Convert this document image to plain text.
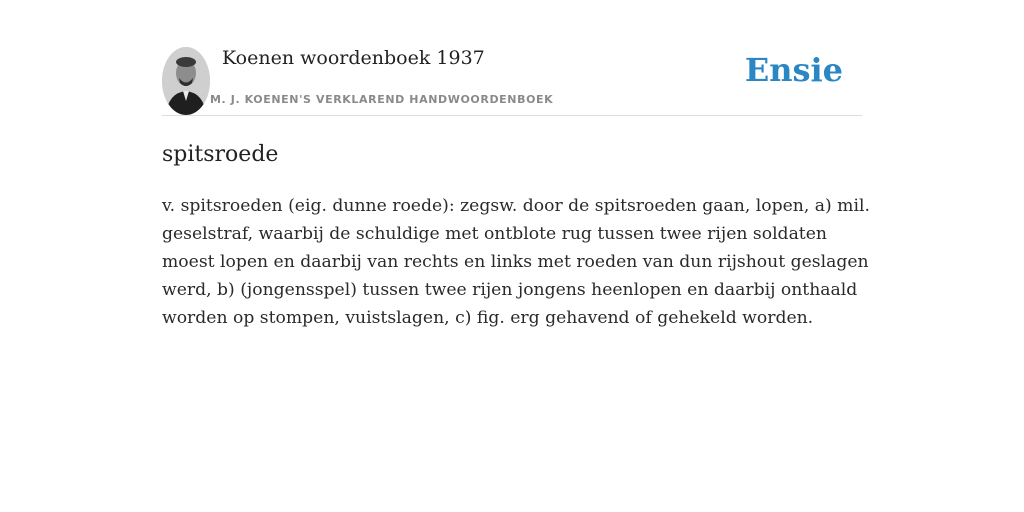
Koenen woordenboek 1937
M. J. KOENEN'S VERKLAREND HANDWOORDENBOEK
Ensie
spitsroede

v. spitsroeden (eig. dunne roede): zegsw. door de spitsroeden gaan, lopen, a) mil. geselstraf, waarbij de schuldige met ontblote rug tussen twee rijen soldaten moest lopen en daarbij van rechts en links met roeden van dun rijshout geslagen werd, b) (jongensspel) tussen twee rijen jongens heenlopen en daarbij onthaald worden op stompen, vuistslagen, c) fig. erg gehavend of gehekeld worden.
